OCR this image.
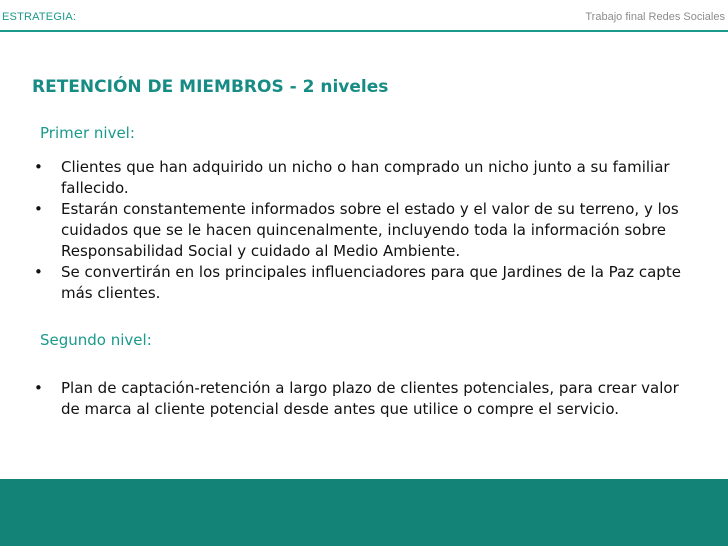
ESTRATEGIA:	Trabajo final Redes Sociales
RETENCIÓN DE MIEMBROS - 2 niveles
Primer nivel:
• Clientes que han adquirido un nicho o han comprado un nicho junto a su familiar fallecido.
• Estarán constantemente informados sobre el estado y el valor de su terreno, y los cuidados que se le hacen quincenalmente, incluyendo toda la información sobre Responsabilidad Social y cuidado al Medio Ambiente.
• Se convertirán en los principales influenciadores para que Jardines de la Paz capte más clientes.
Segundo nivel:
• Plan de captación-retención a largo plazo de clientes potenciales, para crear valor de marca al cliente potencial desde antes que utilice o compre el servicio.
